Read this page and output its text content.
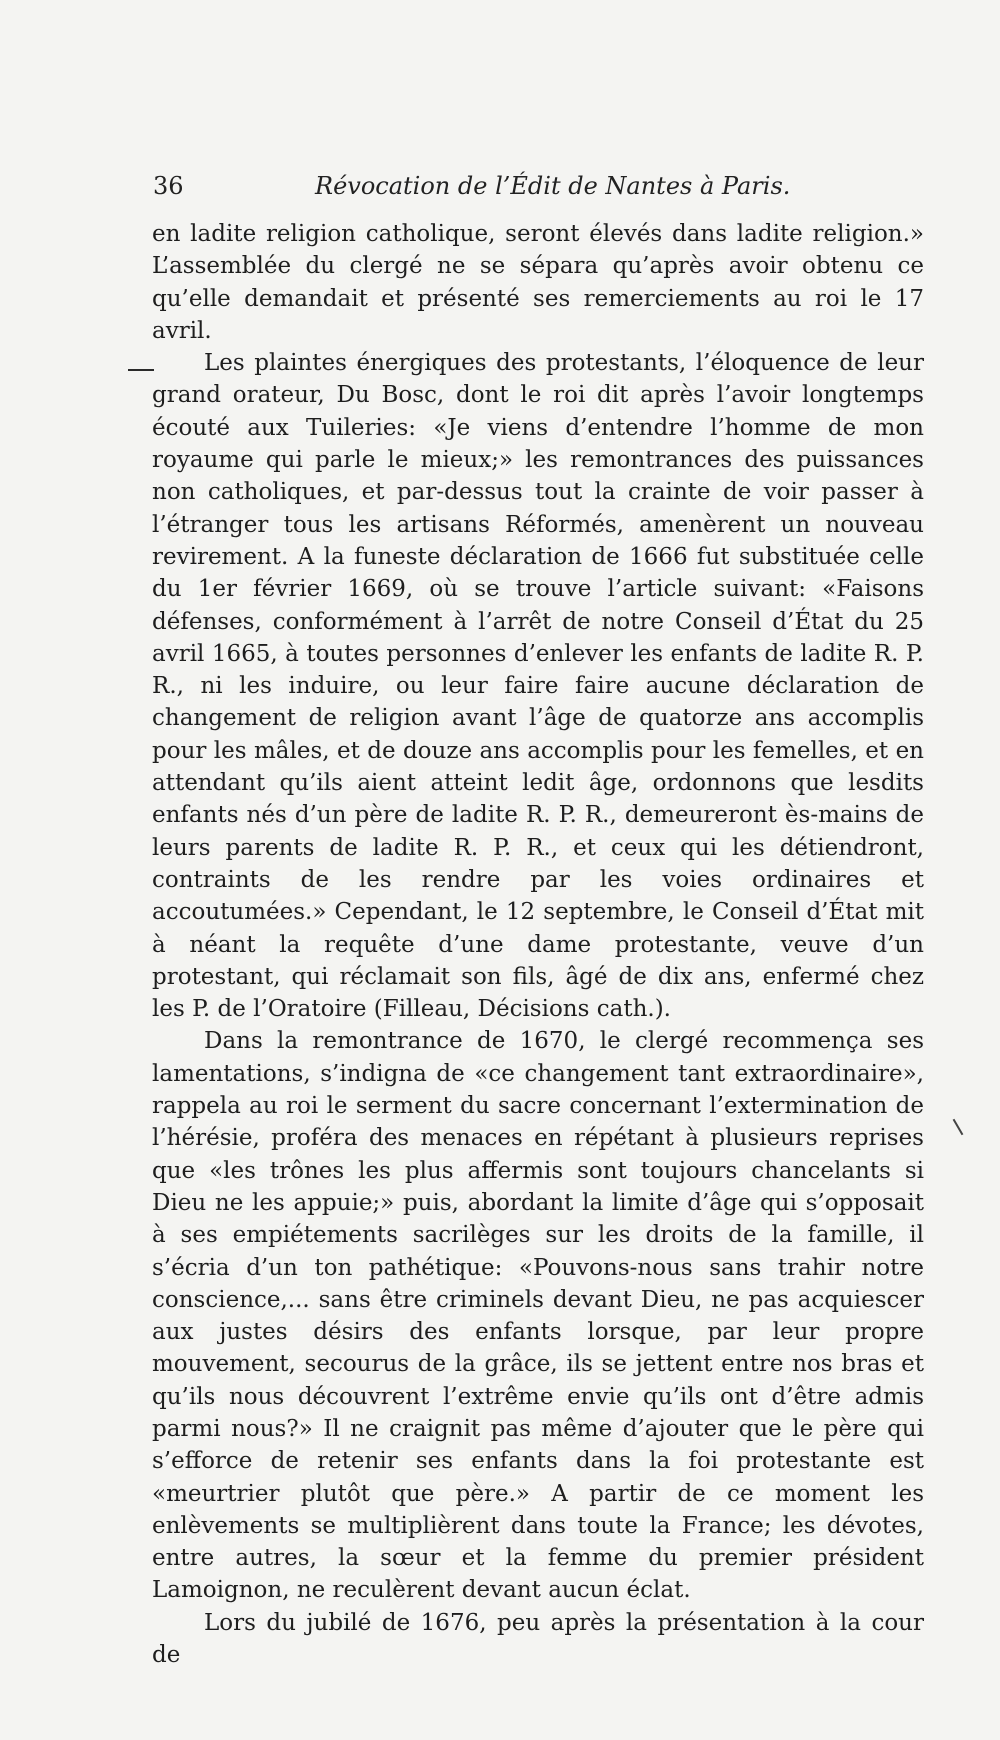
36	Révocation de l’Édit de Nantes à Paris.

en ladite religion catholique, seront élevés dans ladite religion.» L’assemblée du clergé ne se sépara qu’après avoir obtenu ce qu’elle demandait et présenté ses remerciements au roi le 17 avril.

Les plaintes énergiques des protestants, l’éloquence de leur grand orateur, Du Bosc, dont le roi dit après l’avoir longtemps écouté aux Tuileries: «Je viens d’entendre l’homme de mon royaume qui parle le mieux;» les remontrances des puissances non catholiques, et par-dessus tout la crainte de voir passer à l’étranger tous les artisans Réformés, amenèrent un nouveau revirement. A la funeste déclaration de 1666 fut substituée celle du 1er février 1669, où se trouve l’article suivant: «Faisons défenses, conformément à l’arrêt de notre Conseil d’État du 25 avril 1665, à toutes personnes d’enlever les enfants de ladite R. P. R., ni les induire, ou leur faire faire aucune déclaration de changement de religion avant l’âge de quatorze ans accomplis pour les mâles, et de douze ans accomplis pour les femelles, et en attendant qu’ils aient atteint ledit âge, ordonnons que lesdits enfants nés d’un père de ladite R. P. R., demeureront ès-mains de leurs parents de ladite R. P. R., et ceux qui les détiendront, contraints de les rendre par les voies ordinaires et accoutumées.» Cependant, le 12 septembre, le Conseil d’État mit à néant la requête d’une dame protestante, veuve d’un protestant, qui réclamait son fils, âgé de dix ans, enfermé chez les P. de l’Oratoire (Filleau, Décisions cath.).

Dans la remontrance de 1670, le clergé recommença ses lamentations, s’indigna de «ce changement tant extraordinaire», rappela au roi le serment du sacre concernant l’extermination de l’hérésie, proféra des menaces en répétant à plusieurs reprises que «les trônes les plus affermis sont toujours chancelants si Dieu ne les appuie;» puis, abordant la limite d’âge qui s’opposait à ses empiétements sacrilèges sur les droits de la famille, il s’écria d’un ton pathétique: «Pouvons-nous sans trahir notre conscience,... sans être criminels devant Dieu, ne pas acquiescer aux justes désirs des enfants lorsque, par leur propre mouvement, secourus de la grâce, ils se jettent entre nos bras et qu’ils nous découvrent l’extrême envie qu’ils ont d’être admis parmi nous?» Il ne craignit pas même d’ajouter que le père qui s’efforce de retenir ses enfants dans la foi protestante est «meurtrier plutôt que père.» A partir de ce moment les enlèvements se multiplièrent dans toute la France; les dévotes, entre autres, la sœur et la femme du premier président Lamoignon, ne reculèrent devant aucun éclat.

Lors du jubilé de 1676, peu après la présentation à la cour de
